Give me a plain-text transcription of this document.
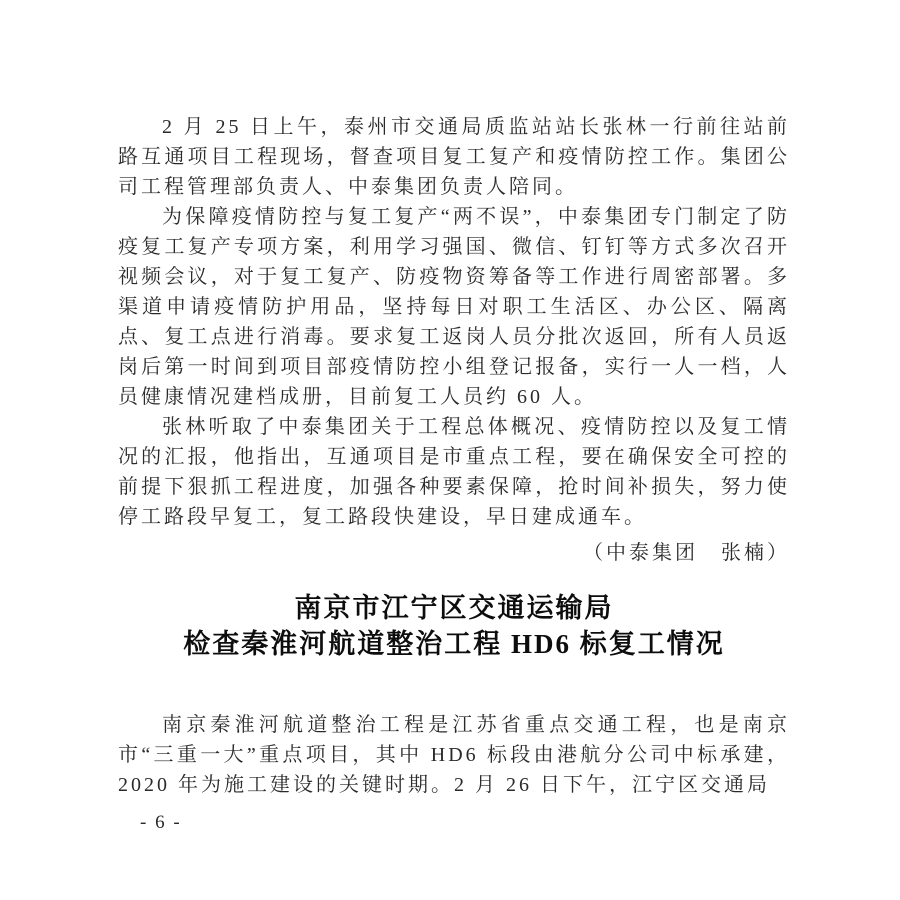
2 月 25 日上午，泰州市交通局质监站站长张林一行前往站前路互通项目工程现场，督查项目复工复产和疫情防控工作。集团公司工程管理部负责人、中泰集团负责人陪同。

为保障疫情防控与复工复产“两不误”，中泰集团专门制定了防疫复工复产专项方案，利用学习强国、微信、钉钉等方式多次召开视频会议，对于复工复产、防疫物资筹备等工作进行周密部署。多渠道申请疫情防护用品，坚持每日对职工生活区、办公区、隔离点、复工点进行消毒。要求复工返岗人员分批次返回，所有人员返岗后第一时间到项目部疫情防控小组登记报备，实行一人一档，人员健康情况建档成册，目前复工人员约 60 人。

张林听取了中泰集团关于工程总体概况、疫情防控以及复工情况的汇报，他指出，互通项目是市重点工程，要在确保安全可控的前提下狠抓工程进度，加强各种要素保障，抢时间补损失，努力使停工路段早复工，复工路段快建设，早日建成通车。

（中泰集团　张楠）

南京市江宁区交通运输局
检查秦淮河航道整治工程 HD6 标复工情况

南京秦淮河航道整治工程是江苏省重点交通工程，也是南京市“三重一大”重点项目，其中 HD6 标段由港航分公司中标承建，2020 年为施工建设的关键时期。2 月 26 日下午，江宁区交通局

- 6 -
